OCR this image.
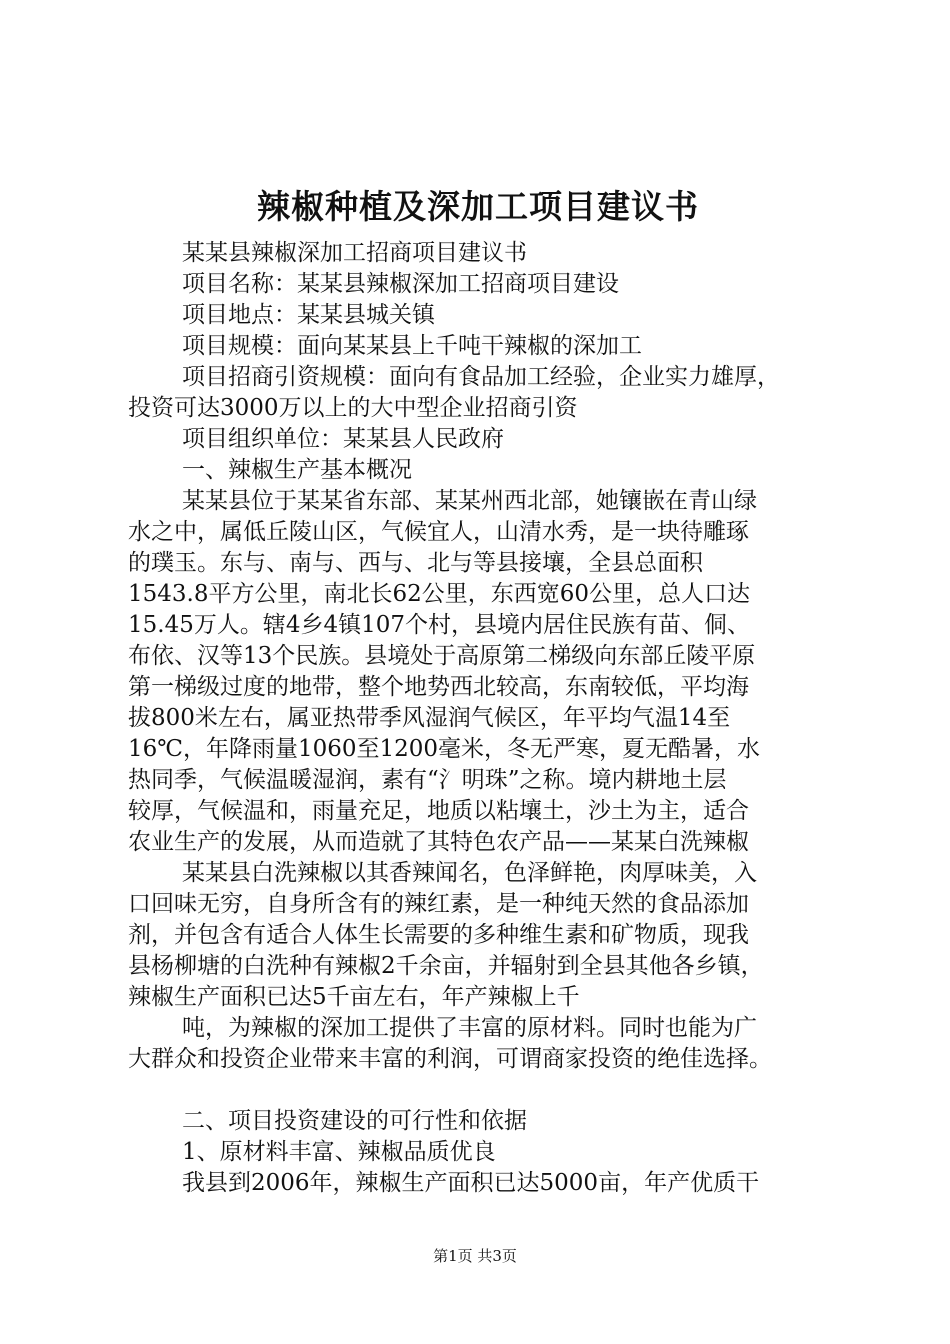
辣椒种植及深加工项目建议书

某某县辣椒深加工招商项目建议书

项目名称：某某县辣椒深加工招商项目建设

项目地点：某某县城关镇

项目规模：面向某某县上千吨干辣椒的深加工

项目招商引资规模：面向有食品加工经验，企业实力雄厚，

投资可达3000万以上的大中型企业招商引资

项目组织单位：某某县人民政府

一、辣椒生产基本概况

某某县位于某某省东部、某某州西北部，她镶嵌在青山绿

水之中，属低丘陵山区，气候宜人，山清水秀，是一块待雕琢

的璞玉。东与、南与、西与、北与等县接壤，全县总面积

1543.8平方公里，南北长62公里，东西宽60公里，总人口达

15.45万人。辖4乡4镇107个村，县境内居住民族有苗、侗、

布依、汉等13个民族。县境处于高原第二梯级向东部丘陵平原

第一梯级过度的地带，整个地势西北较高，东南较低，平均海

拔800米左右，属亚热带季风湿润气候区，年平均气温14至

16℃，年降雨量1060至1200毫米，冬无严寒，夏无酷暑，水

热同季，气候温暖湿润，素有“氵明珠”之称。境内耕地土层

较厚，气候温和，雨量充足，地质以粘壤土，沙土为主，适合

农业生产的发展，从而造就了其特色农产品——某某白洗辣椒

某某县白洗辣椒以其香辣闻名，色泽鲜艳，肉厚味美，入

口回味无穷，自身所含有的辣红素，是一种纯天然的食品添加

剂，并包含有适合人体生长需要的多种维生素和矿物质，现我

县杨柳塘的白洗种有辣椒2千余亩，并辐射到全县其他各乡镇，

辣椒生产面积已达5千亩左右，年产辣椒上千

吨，为辣椒的深加工提供了丰富的原材料。同时也能为广

大群众和投资企业带来丰富的利润，可谓商家投资的绝佳选择。

二、项目投资建设的可行性和依据

1、原材料丰富、辣椒品质优良

我县到2006年，辣椒生产面积已达5000亩，年产优质干

第1页 共3页
